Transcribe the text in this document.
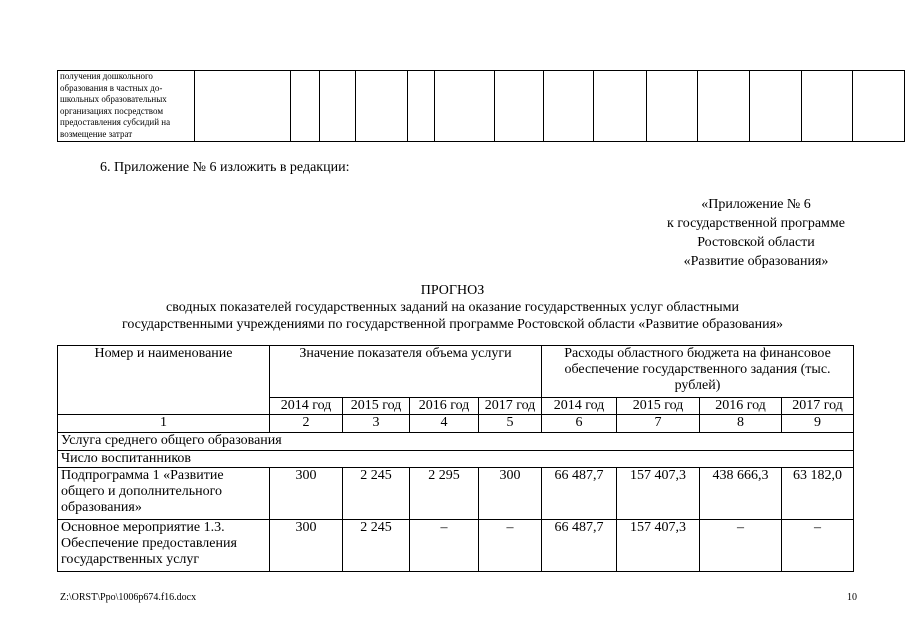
получения дошкольного образования в частных до-школьных образовательных организациях посредством предоставления субсидий на возмещение затрат														
6. Приложение № 6 изложить в редакции:
«Приложение № 6
к государственной программе
Ростовской области
«Развитие образования»
ПРОГНОЗ
сводных показателей государственных заданий на оказание государственных услуг областными
государственными учреждениями по государственной программе Ростовской области «Развитие образования»
Номер и наименование	Значение показателя объема услуги				Расходы областного бюджета на финансовое обеспечение государственного задания (тыс. рублей)			
	2014 год	2015 год	2016 год	2017 год	2014 год	2015 год	2016 год	2017 год
1	2	3	4	5	6	7	8	9
Услуга среднего общего образования								
Число воспитанников								
Подпрограмма 1 «Развитие общего и дополнительного образования»	300	2 245	2 295	300	66 487,7	157 407,3	438 666,3	63 182,0
Основное мероприятие 1.3. Обеспечение предоставления государственных услуг	300	2 245	–	–	66 487,7	157 407,3	–	–
Z:\ORST\Ppo\1006p674.f16.docx	10
